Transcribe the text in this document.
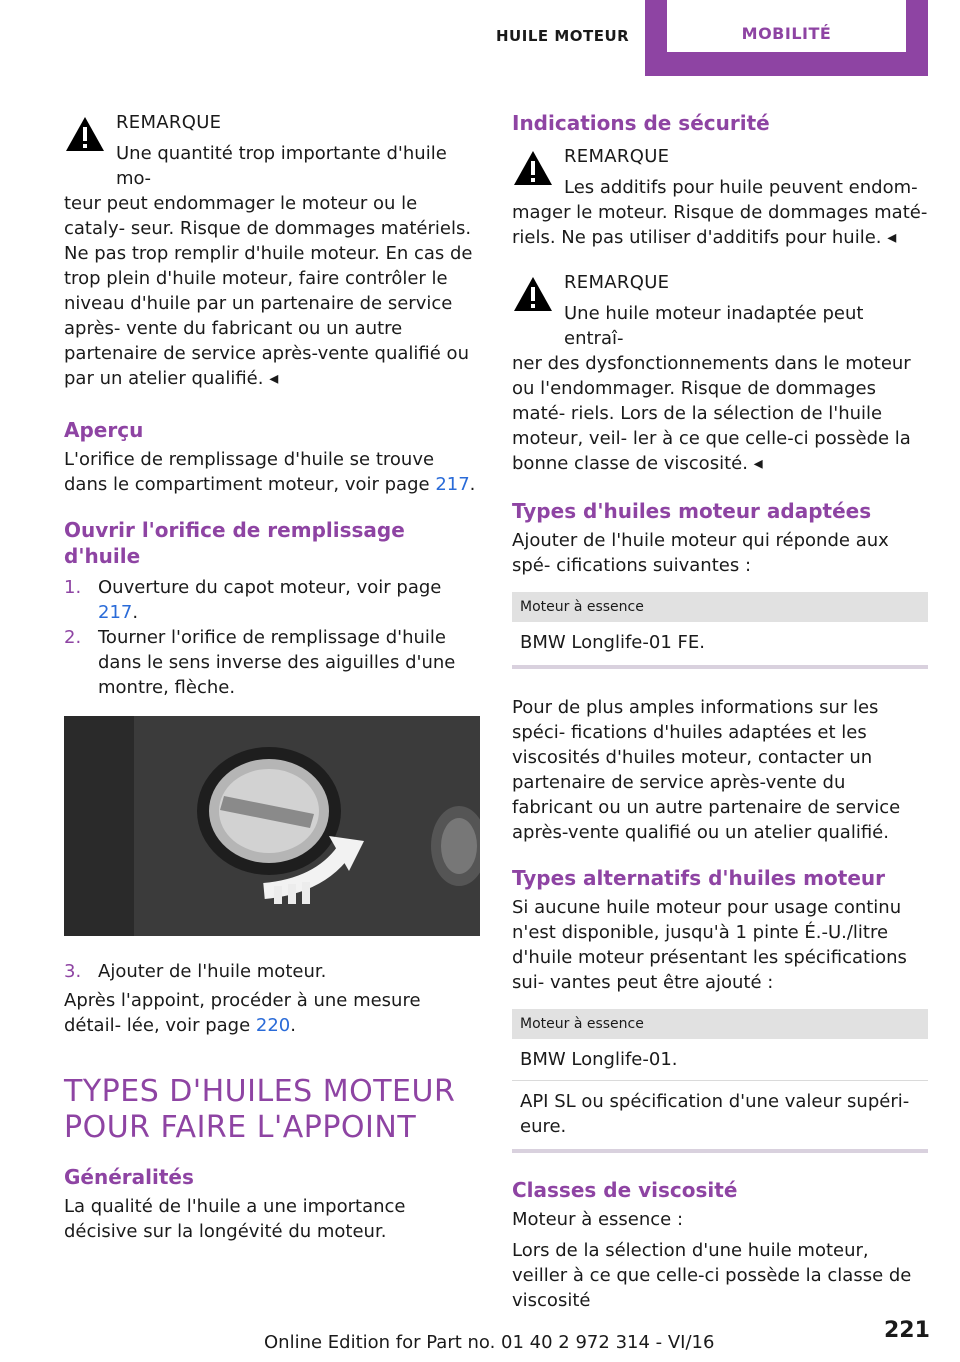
HUILE MOTEUR	MOBILITÉ

REMARQUE

Une quantité trop importante d'huile mo‐

teur peut endommager le moteur ou le cataly‐ seur. Risque de dommages matériels. Ne pas trop remplir d'huile moteur. En cas de trop plein d'huile moteur, faire contrôler le niveau d'huile par un partenaire de service après- vente du fabricant ou un autre partenaire de service après-vente qualifié ou par un atelier qualifié. ◂

Aperçu

L'orifice de remplissage d'huile se trouve dans le compartiment moteur, voir page 217.

Ouvrir l'orifice de remplissage d'huile
1. Ouverture du capot moteur, voir page 217.
2. Tourner l'orifice de remplissage d'huile dans le sens inverse des aiguilles d'une montre, flèche.
3. Ajouter de l'huile moteur.

Après l'appoint, procéder à une mesure détail‐ lée, voir page 220.

TYPES D'HUILES MOTEUR POUR FAIRE L'APPOINT
Généralités

La qualité de l'huile a une importance décisive sur la longévité du moteur.

Indications de sécurité

REMARQUE

Les additifs pour huile peuvent endom‐

mager le moteur. Risque de dommages maté‐ riels. Ne pas utiliser d'additifs pour huile. ◂

REMARQUE

Une huile moteur inadaptée peut entraî‐

ner des dysfonctionnements dans le moteur ou l'endommager. Risque de dommages maté‐ riels. Lors de la sélection de l'huile moteur, veil‐ ler à ce que celle-ci possède la bonne classe de viscosité. ◂

Types d'huiles moteur adaptées

Ajouter de l'huile moteur qui réponde aux spé‐ cifications suivantes :

Moteur à essence
BMW Longlife-01 FE.

Pour de plus amples informations sur les spéci‐ fications d'huiles adaptées et les viscosités d'huiles moteur, contacter un partenaire de service après-vente du fabricant ou un autre partenaire de service après-vente qualifié ou un atelier qualifié.

Types alternatifs d'huiles moteur

Si aucune huile moteur pour usage continu n'est disponible, jusqu'à 1 pinte É.-U./litre d'huile moteur présentant les spécifications sui‐ vantes peut être ajouté :

Moteur à essence
BMW Longlife-01.
API SL ou spécification d'une valeur supéri‐ eure.
Classes de viscosité

Moteur à essence :

Lors de la sélection d'une huile moteur, veiller à ce que celle-ci possède la classe de viscosité

221
Online Edition for Part no. 01 40 2 972 314 - VI/16
